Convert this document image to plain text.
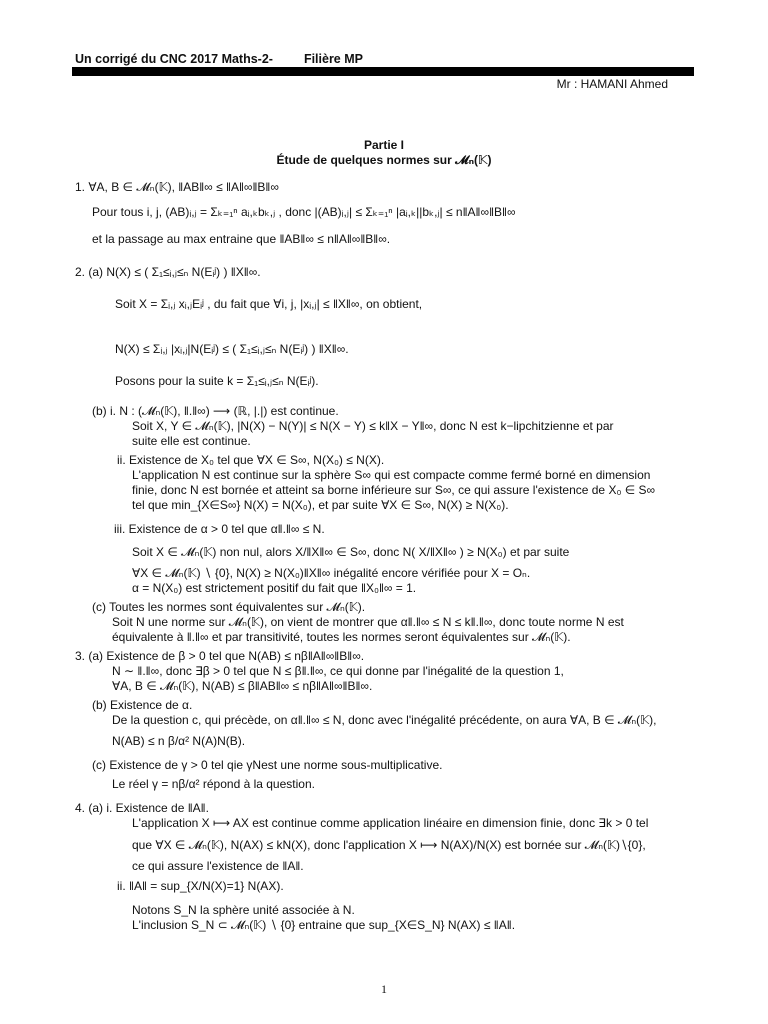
Un corrigé du CNC 2017 Maths-2- Filière MP
Mr : HAMANI Ahmed
Partie I
Étude de quelques normes sur 𝓜ₙ(𝕂)
1. ∀A, B ∈ 𝓜ₙ(𝕂), ‖AB‖∞ ≤ ‖A‖∞‖B‖∞
Pour tous i, j, (AB)ᵢ,ⱼ = Σₖ₌₁ⁿ aᵢ,ₖbₖ,ⱼ , donc |(AB)ᵢ,ⱼ| ≤ Σₖ₌₁ⁿ |aᵢ,ₖ||bₖ,ⱼ| ≤ n‖A‖∞‖B‖∞
et la passage au max entraine que ‖AB‖∞ ≤ n‖A‖∞‖B‖∞.
2. (a) N(X) ≤ ( Σ₁≤ᵢ,ⱼ≤ₙ N(Eᵢʲ) ) ‖X‖∞.
Soit X = Σᵢ,ⱼ xᵢ,ⱼEᵢʲ , du fait que ∀i, j, |xᵢ,ⱼ| ≤ ‖X‖∞, on obtient,
N(X) ≤ Σᵢ,ⱼ |xᵢ,ⱼ|N(Eᵢʲ) ≤ ( Σ₁≤ᵢ,ⱼ≤ₙ N(Eᵢʲ) ) ‖X‖∞.
Posons pour la suite k = Σ₁≤ᵢ,ⱼ≤ₙ N(Eᵢʲ).
(b) i. N : (𝓜ₙ(𝕂), ‖.‖∞) ⟶ (ℝ, |.|) est continue.
Soit X, Y ∈ 𝓜ₙ(𝕂), |N(X) − N(Y)| ≤ N(X − Y) ≤ k‖X − Y‖∞, donc N est k−lipchitzienne et par
suite elle est continue.
ii. Existence de X₀ tel que ∀X ∈ S∞, N(X₀) ≤ N(X).
L'application N est continue sur la sphère S∞ qui est compacte comme fermé borné en dimension
finie, donc N est bornée et atteint sa borne inférieure sur S∞, ce qui assure l'existence de X₀ ∈ S∞
tel que min_{X∈S∞} N(X) = N(X₀), et par suite ∀X ∈ S∞, N(X) ≥ N(X₀).
iii. Existence de α > 0 tel que α‖.‖∞ ≤ N.
Soit X ∈ 𝓜ₙ(𝕂) non nul, alors X/‖X‖∞ ∈ S∞, donc N( X/‖X‖∞ ) ≥ N(X₀) et par suite
∀X ∈ 𝓜ₙ(𝕂) ∖ {0}, N(X) ≥ N(X₀)‖X‖∞ inégalité encore vérifiée pour X = Oₙ.
α = N(X₀) est strictement positif du fait que ‖X₀‖∞ = 1.
(c) Toutes les normes sont équivalentes sur 𝓜ₙ(𝕂).
Soit N une norme sur 𝓜ₙ(𝕂), on vient de montrer que α‖.‖∞ ≤ N ≤ k‖.‖∞, donc toute norme N est
équivalente à ‖.‖∞ et par transitivité, toutes les normes seront équivalentes sur 𝓜ₙ(𝕂).
3. (a) Existence de β > 0 tel que N(AB) ≤ nβ‖A‖∞‖B‖∞.
N ∼ ‖.‖∞, donc ∃β > 0 tel que N ≤ β‖.‖∞, ce qui donne par l'inégalité de la question 1,
∀A, B ∈ 𝓜ₙ(𝕂), N(AB) ≤ β‖AB‖∞ ≤ nβ‖A‖∞‖B‖∞.
(b) Existence de α.
De la question c, qui précède, on α‖.‖∞ ≤ N, donc avec l'inégalité précédente, on aura ∀A, B ∈ 𝓜ₙ(𝕂),
N(AB) ≤ n β/α² N(A)N(B).
(c) Existence de γ > 0 tel qie γNest une norme sous-multiplicative.
Le réel γ = nβ/α² répond à la question.
4. (a) i. Existence de ‖A‖.
L'application X ⟼ AX est continue comme application linéaire en dimension finie, donc ∃k > 0 tel
que ∀X ∈ 𝓜ₙ(𝕂), N(AX) ≤ kN(X), donc l'application X ⟼ N(AX)/N(X) est bornée sur 𝓜ₙ(𝕂)∖{0},
ce qui assure l'existence de ‖A‖.
ii. ‖A‖ = sup_{X/N(X)=1} N(AX).
Notons S_N la sphère unité associée à N.
L'inclusion S_N ⊂ 𝓜ₙ(𝕂) ∖ {0} entraine que sup_{X∈S_N} N(AX) ≤ ‖A‖.
1
